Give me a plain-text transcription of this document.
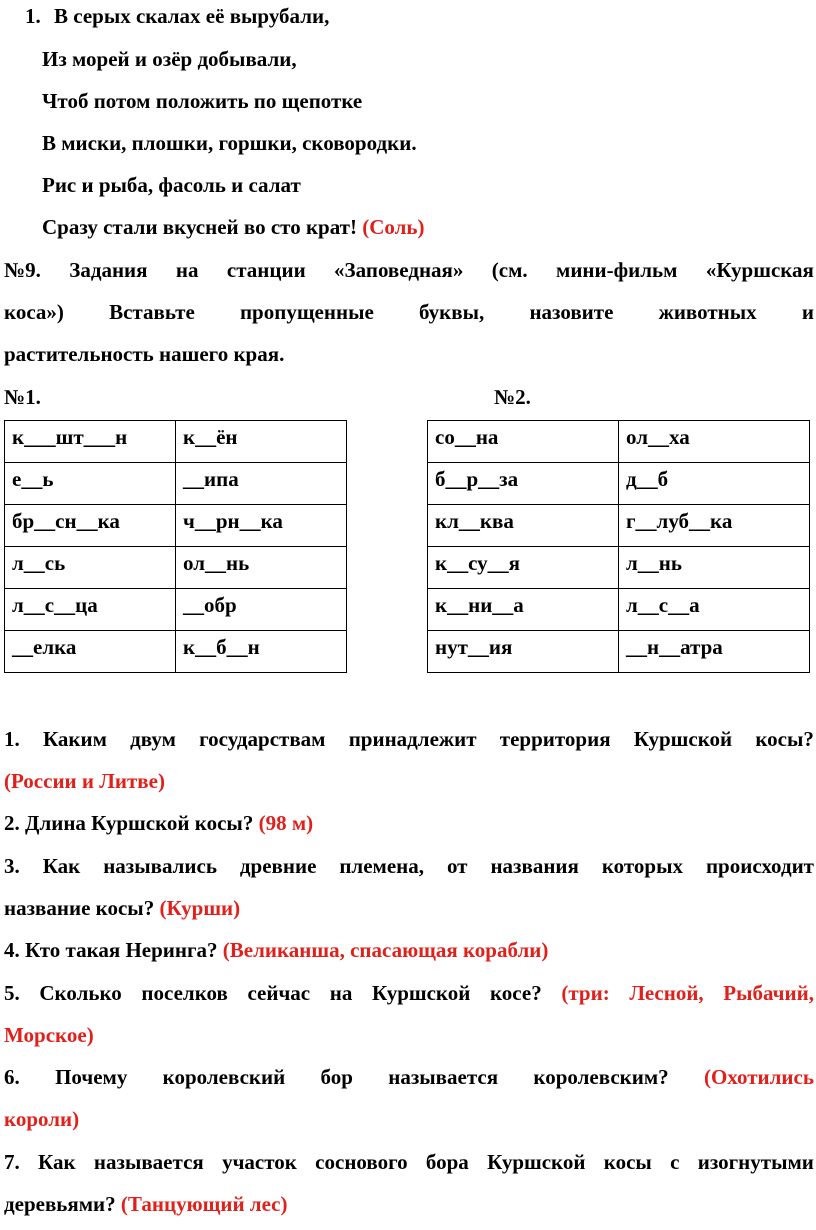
1. В серых скалах её вырубали,
Из морей и озёр добывали,
Чтоб потом положить по щепотке
В миски, плошки, горшки, сковородки.
Рис и рыба, фасоль и салат
Сразу стали вкусней во сто крат! (Соль)
№9. Задания на станции «Заповедная» (см. мини-фильм «Куршская
коса») Вставьте пропущенные буквы, назовите животных и
растительность нашего края.
№1.	№2.
к___шт___н	к__ён
е__ь	__ипа
бр__сн__ка	ч__рн__ка
л__сь	ол__нь
л__с__ца	__обр
__елка	к__б__н
со__на	ол__ха
б__р__за	д__б
кл__ква	г__луб__ка
к__су__я	л__нь
к__ни__а	л__с__а
нут__ия	__н__атра
1. Каким двум государствам принадлежит территория Куршской косы?
(России и Литве)
2. Длина Куршской косы? (98 м)
3. Как назывались древние племена, от названия которых происходит
название косы? (Курши)
4. Кто такая Неринга? (Великанша, спасающая корабли)
5. Сколько поселков сейчас на Куршской косе? (три: Лесной, Рыбачий,
Морское)
6. Почему королевский бор называется королевским? (Охотились
короли)
7. Как называется участок соснового бора Куршской косы с изогнутыми
деревьями? (Танцующий лес)
